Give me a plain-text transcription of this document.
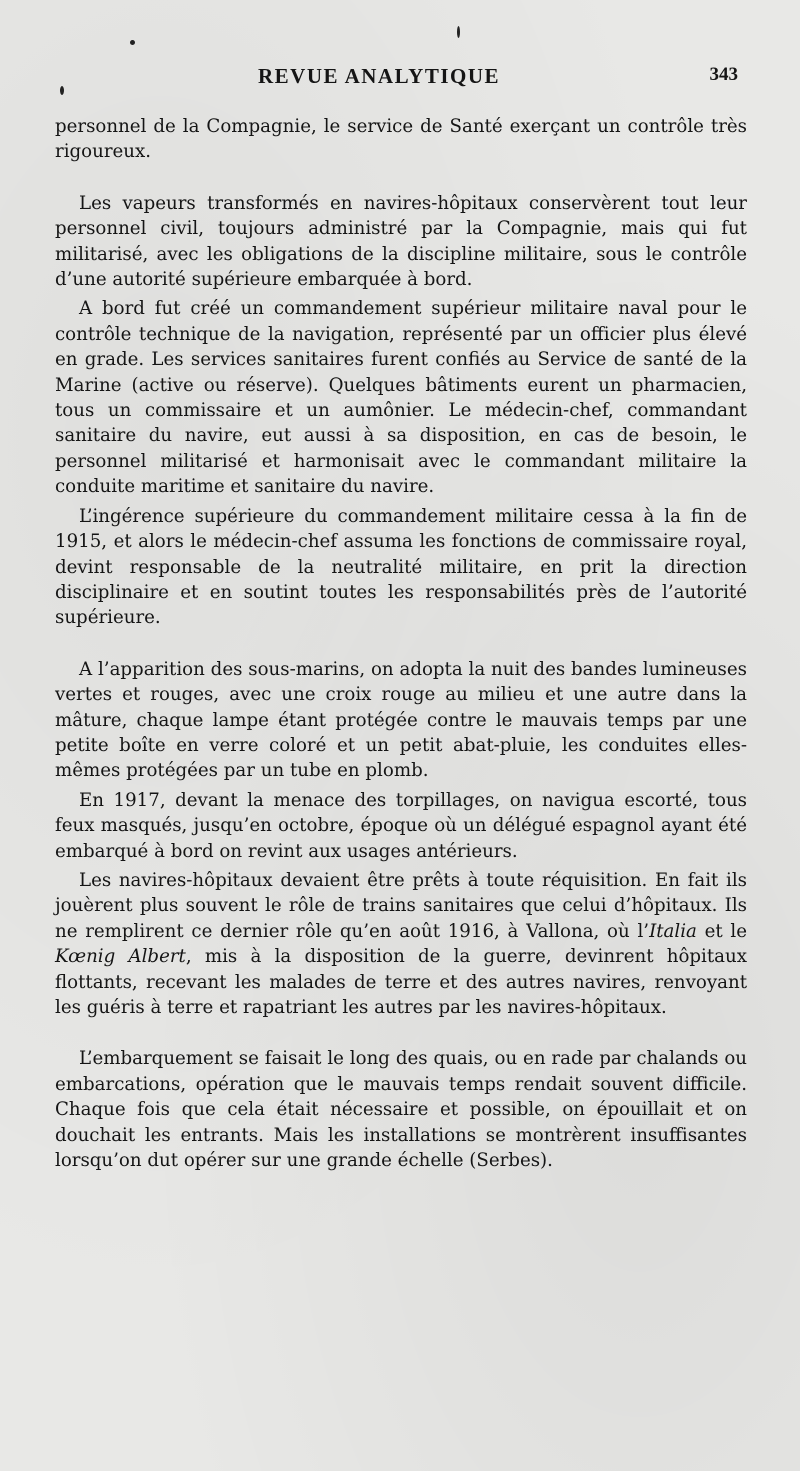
REVUE ANALYTIQUE	343

personnel de la Compagnie, le service de Santé exerçant un contrôle très rigoureux.

Les vapeurs transformés en navires-hôpitaux conservèrent tout leur personnel civil, toujours administré par la Compagnie, mais qui fut militarisé, avec les obligations de la discipline militaire, sous le contrôle d’une autorité supérieure embarquée à bord.

A bord fut créé un commandement supérieur militaire naval pour le contrôle technique de la navigation, représenté par un officier plus élevé en grade. Les services sanitaires furent confiés au Service de santé de la Marine (active ou réserve). Quelques bâtiments eurent un pharmacien, tous un commissaire et un aumônier. Le médecin-chef, commandant sanitaire du navire, eut aussi à sa disposition, en cas de besoin, le personnel militarisé et harmonisait avec le commandant militaire la conduite maritime et sanitaire du navire.

L’ingérence supérieure du commandement militaire cessa à la fin de 1915, et alors le médecin-chef assuma les fonctions de commissaire royal, devint responsable de la neutralité militaire, en prit la direction disciplinaire et en soutint toutes les responsabilités près de l’autorité supérieure.

A l’apparition des sous-marins, on adopta la nuit des bandes lumineuses vertes et rouges, avec une croix rouge au milieu et une autre dans la mâture, chaque lampe étant protégée contre le mauvais temps par une petite boîte en verre coloré et un petit abat-pluie, les conduites elles-mêmes protégées par un tube en plomb.

En 1917, devant la menace des torpillages, on navigua escorté, tous feux masqués, jusqu’en octobre, époque où un délégué espagnol ayant été embarqué à bord on revint aux usages antérieurs.

Les navires-hôpitaux devaient être prêts à toute réquisition. En fait ils jouèrent plus souvent le rôle de trains sanitaires que celui d’hôpitaux. Ils ne remplirent ce dernier rôle qu’en août 1916, à Vallona, où l’Italia et le Kœnig Albert, mis à la disposition de la guerre, devinrent hôpitaux flottants, recevant les malades de terre et des autres navires, renvoyant les guéris à terre et rapatriant les autres par les navires-hôpitaux.

L’embarquement se faisait le long des quais, ou en rade par chalands ou embarcations, opération que le mauvais temps rendait souvent difficile. Chaque fois que cela était nécessaire et possible, on épouillait et on douchait les entrants. Mais les installations se montrèrent insuffisantes lorsqu’on dut opérer sur une grande échelle (Serbes).
